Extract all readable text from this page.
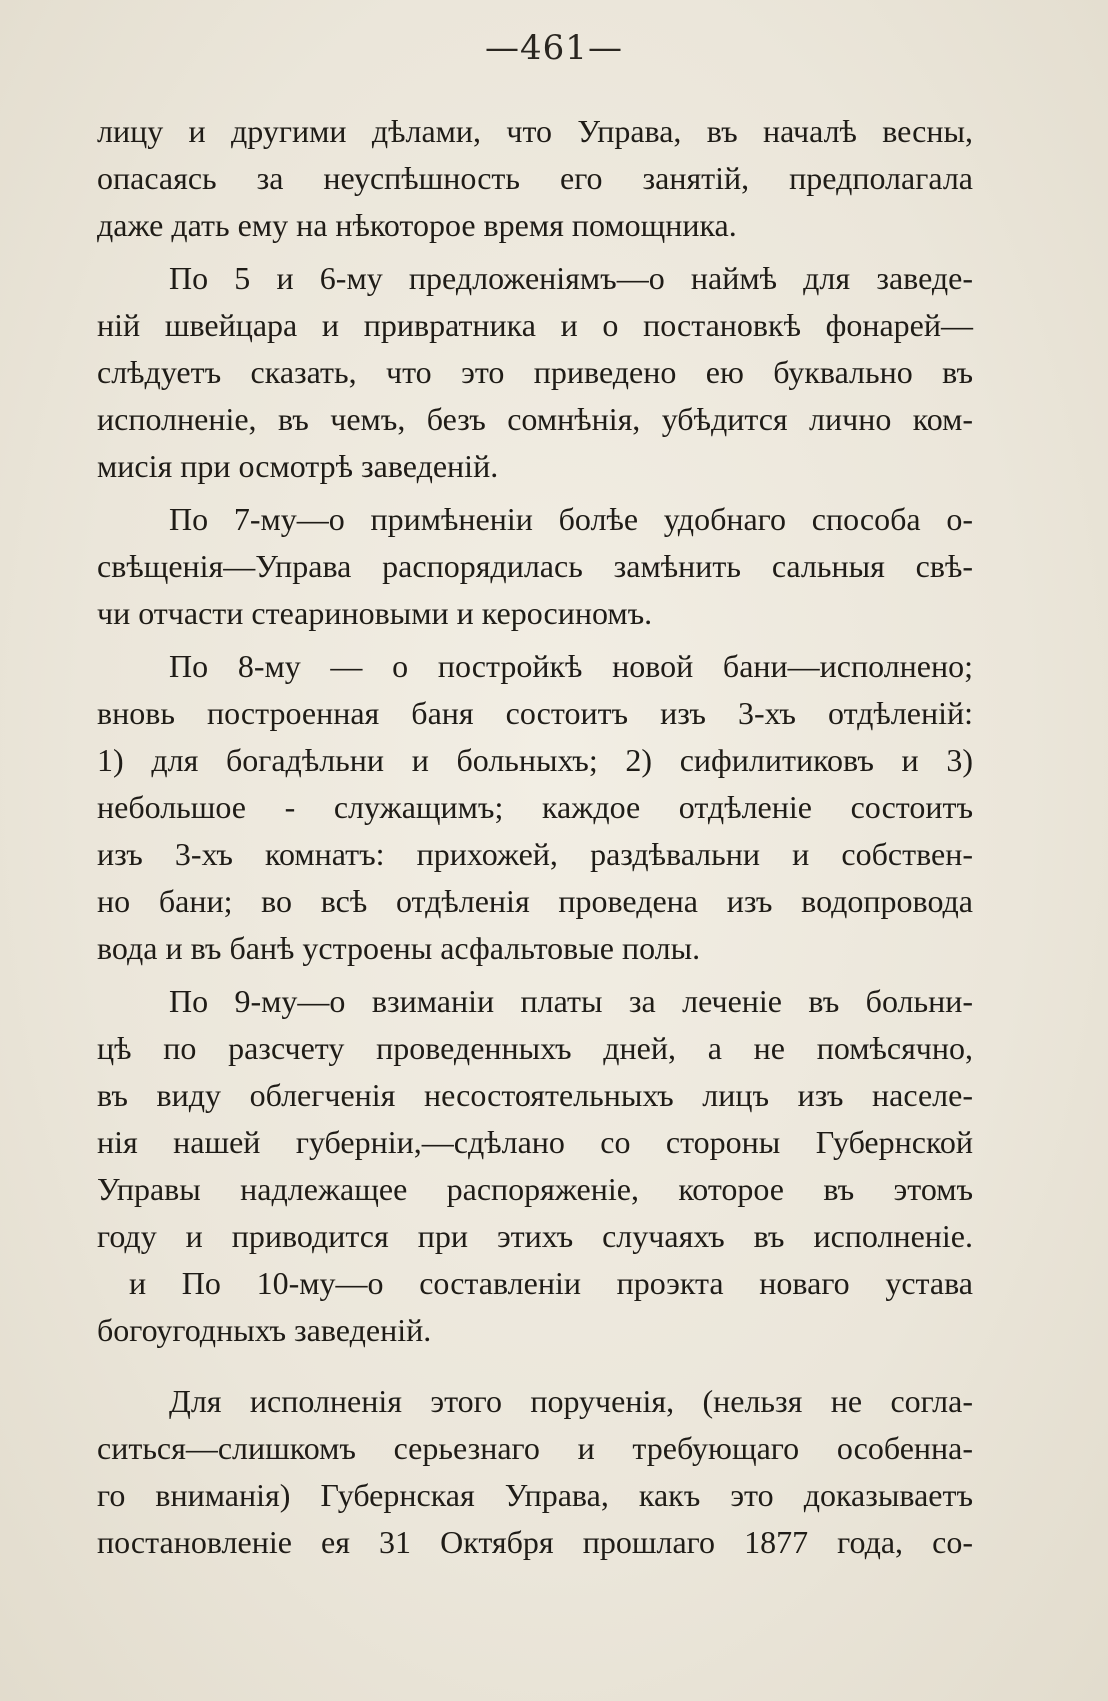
—461—
лицу и другими дѣлами, что Управа, въ началѣ весны,
опасаясь за неуспѣшность его занятій, предполагала
даже дать ему на нѣкоторое время помощника.
По 5 и 6-му предложеніямъ—о наймѣ для заведе-
ній швейцара и привратника и о постановкѣ фонарей—
слѣдуетъ сказать, что это приведено ею буквально въ
исполненіе, въ чемъ, безъ сомнѣнія, убѣдится лично ком-
мисія при осмотрѣ заведеній.
По 7-му—о примѣненіи болѣе удобнаго способа о-
свѣщенія—Управа распорядилась замѣнить сальныя свѣ-
чи отчасти стеариновыми и керосиномъ.
По 8-му — о постройкѣ новой бани—исполнено;
вновь построенная баня состоитъ изъ 3-хъ отдѣленій:
1) для богадѣльни и больныхъ; 2) сифилитиковъ и 3)
небольшое - служащимъ; каждое отдѣленіе состоитъ
изъ 3-хъ комнатъ: прихожей, раздѣвальни и собствен-
но бани; во всѣ отдѣленія проведена изъ водопровода
вода и въ банѣ устроены асфальтовые полы.
По 9-му—о взиманіи платы за леченіе въ больни-
цѣ по разсчету проведенныхъ дней, а не помѣсячно,
въ виду облегченія несостоятельныхъ лицъ изъ населе-
нія нашей губерніи,—сдѣлано со стороны Губернской
Управы надлежащее распоряженіе, которое въ этомъ
году и приводится при этихъ случаяхъ въ исполненіе.
и По 10-му—о составленіи проэкта новаго устава
богоугодныхъ заведеній.
Для исполненія этого порученія, (нельзя не согла-
ситься—слишкомъ серьезнаго и требующаго особенна-
го вниманія) Губернская Управа, какъ это доказываетъ
постановленіе ея 31 Октября прошлаго 1877 года, со-
